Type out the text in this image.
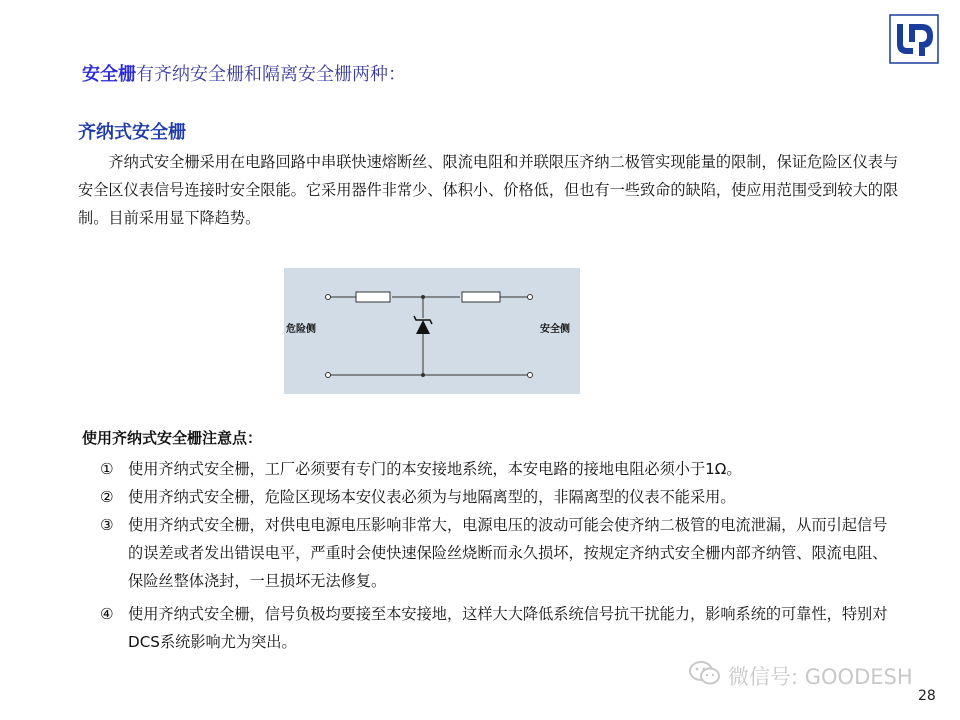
安全栅有齐纳安全栅和隔离安全栅两种：
齐纳式安全栅
齐纳式安全栅采用在电路回路中串联快速熔断丝、限流电阻和并联限压齐纳二极管实现能量的限制，保证危险区仪表与安全区仪表信号连接时安全限能。它采用器件非常少、体积小、价格低，但也有一些致命的缺陷，使应用范围受到较大的限制。目前采用显下降趋势。
危险侧	安全侧
使用齐纳式安全栅注意点：
① 使用齐纳式安全栅，工厂必须要有专门的本安接地系统，本安电路的接地电阻必须小于1Ω。
② 使用齐纳式安全栅，危险区现场本安仪表必须为与地隔离型的，非隔离型的仪表不能采用。
③ 使用齐纳式安全栅，对供电电源电压影响非常大，电源电压的波动可能会使齐纳二极管的电流泄漏，从而引起信号的误差或者发出错误电平，严重时会使快速保险丝烧断而永久损坏，按规定齐纳式安全栅内部齐纳管、限流电阻、保险丝整体浇封，一旦损坏无法修复。
④ 使用齐纳式安全栅，信号负极均要接至本安接地，这样大大降低系统信号抗干扰能力，影响系统的可靠性，特别对DCS系统影响尤为突出。
微信号: GOODESH
28
